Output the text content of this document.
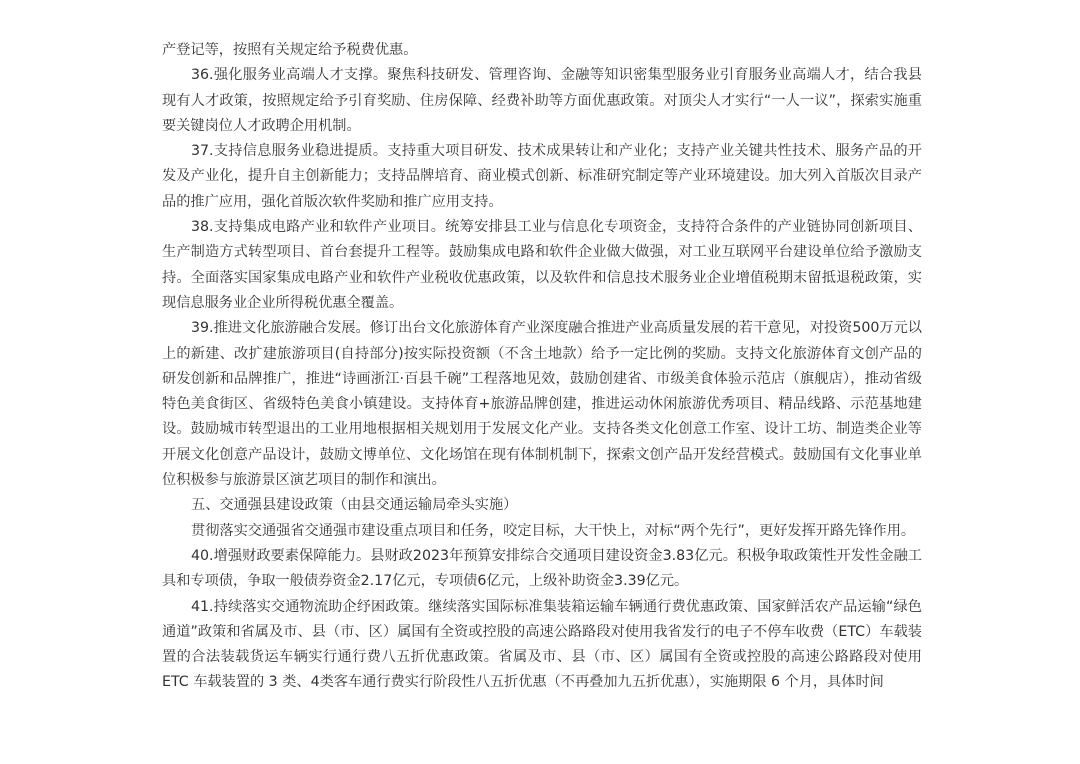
产登记等，按照有关规定给予税费优惠。

36.强化服务业高端人才支撑。聚焦科技研发、管理咨询、金融等知识密集型服务业引育服务业高端人才，结合我县现有人才政策，按照规定给予引育奖励、住房保障、经费补助等方面优惠政策。对顶尖人才实行“一人一议”，探索实施重要关键岗位人才政聘企用机制。

37.支持信息服务业稳进提质。支持重大项目研发、技术成果转让和产业化；支持产业关键共性技术、服务产品的开发及产业化，提升自主创新能力；支持品牌培育、商业模式创新、标准研究制定等产业环境建设。加大列入首版次目录产品的推广应用，强化首版次软件奖励和推广应用支持。

38.支持集成电路产业和软件产业项目。统筹安排县工业与信息化专项资金，支持符合条件的产业链协同创新项目、生产制造方式转型项目、首台套提升工程等。鼓励集成电路和软件企业做大做强，对工业互联网平台建设单位给予激励支持。全面落实国家集成电路产业和软件产业税收优惠政策，以及软件和信息技术服务业企业增值税期末留抵退税政策，实现信息服务业企业所得税优惠全覆盖。

39.推进文化旅游融合发展。修订出台文化旅游体育产业深度融合推进产业高质量发展的若干意见，对投资500万元以上的新建、改扩建旅游项目(自持部分)按实际投资额（不含土地款）给予一定比例的奖励。支持文化旅游体育文创产品的研发创新和品牌推广，推进“诗画浙江·百县千碗”工程落地见效，鼓励创建省、市级美食体验示范店（旗舰店），推动省级特色美食街区、省级特色美食小镇建设。支持体育+旅游品牌创建，推进运动休闲旅游优秀项目、精品线路、示范基地建设。鼓励城市转型退出的工业用地根据相关规划用于发展文化产业。支持各类文化创意工作室、设计工坊、制造类企业等开展文化创意产品设计，鼓励文博单位、文化场馆在现有体制机制下，探索文创产品开发经营模式。鼓励国有文化事业单位积极参与旅游景区演艺项目的制作和演出。

五、交通强县建设政策（由县交通运输局牵头实施）

贯彻落实交通强省交通强市建设重点项目和任务，咬定目标，大干快上，对标“两个先行”，更好发挥开路先锋作用。

40.增强财政要素保障能力。县财政2023年预算安排综合交通项目建设资金3.83亿元。积极争取政策性开发性金融工具和专项债，争取一般债券资金2.17亿元，专项债6亿元，上级补助资金3.39亿元。

41.持续落实交通物流助企纾困政策。继续落实国际标准集装箱运输车辆通行费优惠政策、国家鲜活农产品运输“绿色通道”政策和省属及市、县（市、区）属国有全资或控股的高速公路路段对使用我省发行的电子不停车收费（ETC）车载装置的合法装载货运车辆实行通行费八五折优惠政策。省属及市、县（市、区）属国有全资或控股的高速公路路段对使用 ETC 车载装置的 3 类、4类客车通行费实行阶段性八五折优惠（不再叠加九五折优惠），实施期限 6 个月，具体时间
